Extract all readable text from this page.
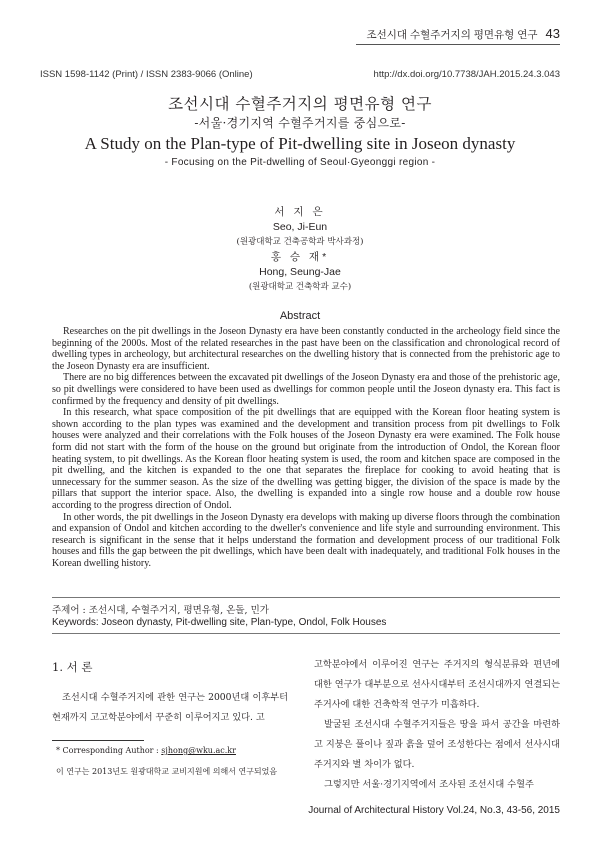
조선시대 수혈주거지의 평면유형 연구 43
ISSN 1598-1142 (Print) / ISSN 2383-9066 (Online)	http://dx.doi.org/10.7738/JAH.2015.24.3.043
조선시대 수혈주거지의 평면유형 연구
-서울·경기지역 수혈주거지를 중심으로-
A Study on the Plan-type of Pit-dwelling site in Joseon dynasty
- Focusing on the Pit-dwelling of Seoul·Gyeonggi region -
서 지 은
Seo, Ji-Eun
(원광대학교 건축공학과 박사과정)
홍 승 재*
Hong, Seung-Jae
(원광대학교 건축학과 교수)
Abstract

Researches on the pit dwellings in the Joseon Dynasty era have been constantly conducted in the archeology field since the beginning of the 2000s. Most of the related researches in the past have been on the classification and chronological record of dwelling types in archeology, but architectural researches on the dwelling history that is connected from the prehistoric age to the Joseon Dynasty era are insufficient.

There are no big differences between the excavated pit dwellings of the Joseon Dynasty era and those of the prehistoric age, so pit dwellings were considered to have been used as dwellings for common people until the Joseon dynasty era. This fact is confirmed by the frequency and density of pit dwellings.

In this research, what space composition of the pit dwellings that are equipped with the Korean floor heating system is shown according to the plan types was examined and the development and transition process from pit dwellings to Folk houses were analyzed and their correlations with the Folk houses of the Joseon Dynasty era were examined. The Folk house form did not start with the form of the house on the ground but originate from the introduction of Ondol, the Korean floor heating system, to pit dwellings. As the Korean floor heating system is used, the room and kitchen space are composed in the pit dwelling, and the kitchen is expanded to the one that separates the fireplace for cooking to avoid heating that is unnecessary for the summer season. As the size of the dwelling was getting bigger, the division of the space is made by the pillars that support the interior space. Also, the dwelling is expanded into a single row house and a double row house according to the progress direction of Ondol.

In other words, the pit dwellings in the Joseon Dynasty era develops with making up diverse floors through the combination and expansion of Ondol and kitchen according to the dweller's convenience and life style and surrounding environment. This research is significant in the sense that it helps understand the formation and development process of our traditional Folk houses and fills the gap between the pit dwellings, which have been dealt with inadequately, and traditional Folk houses in the Korean dwelling history.

주제어 : 조선시대, 수혈주거지, 평면유형, 온돌, 민가
Keywords: Joseon dynasty, Pit-dwelling site, Plan-type, Ondol, Folk Houses
1. 서 론

조선시대 수혈주거지에 관한 연구는 2000년대 이후부터 현재까지 고고학분야에서 꾸준히 이루어지고 있다. 고

* Corresponding Author : sjhong@wku.ac.kr
이 연구는 2013년도 원광대학교 교비지원에 의해서 연구되었음

고학분야에서 이루어진 연구는 주거지의 형식분류와 편년에 대한 연구가 대부분으로 선사시대부터 조선시대까지 연결되는 주거사에 대한 건축학적 연구가 미흡하다.

발굴된 조선시대 수혈주거지들은 땅을 파서 공간을 마련하고 지붕은 풀이나 짚과 흙을 덮어 조성한다는 점에서 선사시대 주거지와 별 차이가 없다.

그렇지만 서울·경기지역에서 조사된 조선시대 수혈주

Journal of Architectural History Vol.24, No.3, 43-56, 2015
